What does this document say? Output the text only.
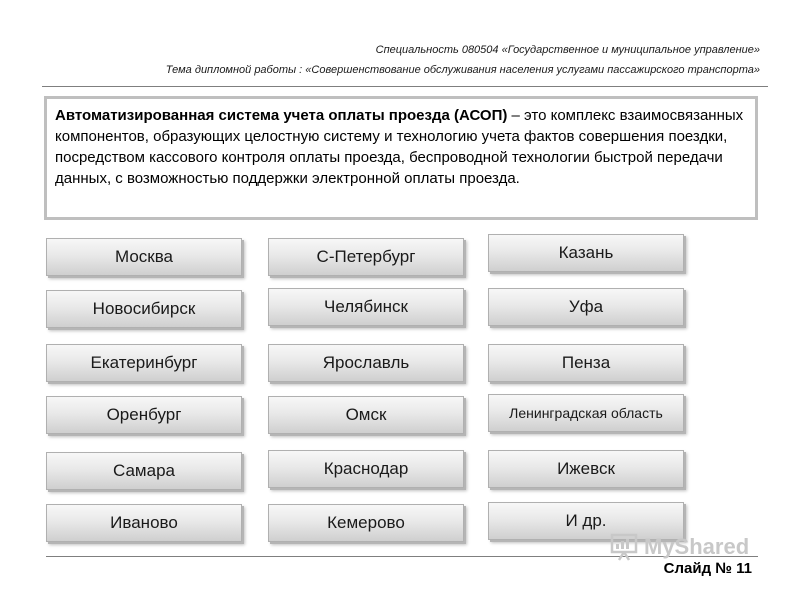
Специальность 080504 «Государственное и муниципальное управление»
Тема дипломной работы : «Совершенствование обслуживания населения услугами пассажирского транспорта»
Автоматизированная система учета оплаты проезда (АСОП) – это комплекс взаимосвязанных компонентов, образующих целостную систему и технологию учета фактов совершения поездки, посредством кассового контроля оплаты проезда, беспроводной технологии быстрой передачи данных, с возможностью поддержки электронной оплаты проезда.
Москва
Новосибирск
Екатеринбург
Оренбург
Самара
Иваново
С-Петербург
Челябинск
Ярославль
Омск
Краснодар
Кемерово
Казань
Уфа
Пенза
Ленинградская область
Ижевск
И др.
MyShared
Слайд № 11
